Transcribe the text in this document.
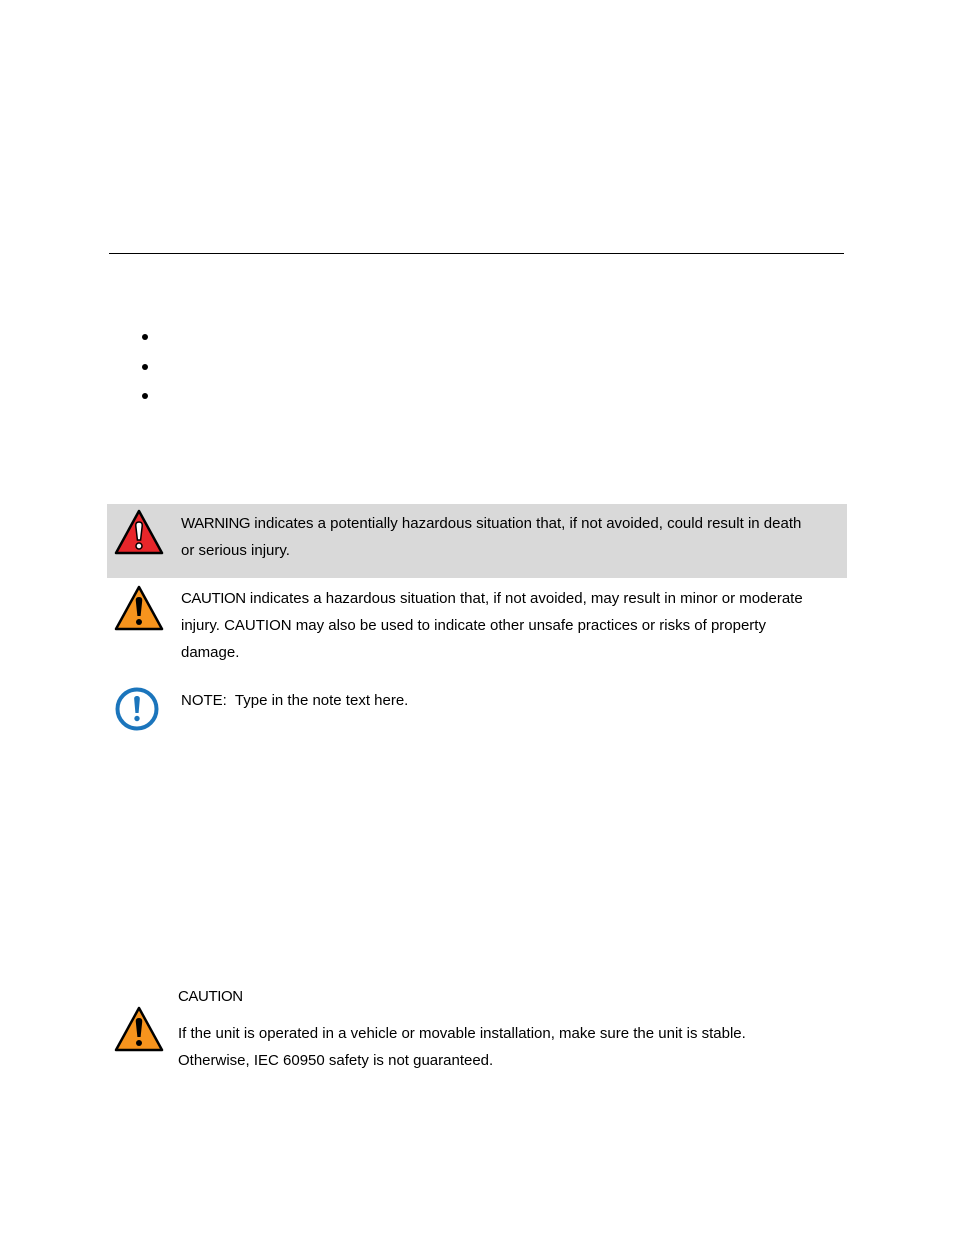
WARNING indicates a potentially hazardous situation that, if not avoided, could result in death
or serious injury.

CAUTION indicates a hazardous situation that, if not avoided, may result in minor or moderate
injury. CAUTION may also be used to indicate other unsafe practices or risks of property
damage.

NOTE:  Type in the note text here.

CAUTION

If the unit is operated in a vehicle or movable installation, make sure the unit is stable.
Otherwise, IEC 60950 safety is not guaranteed.
